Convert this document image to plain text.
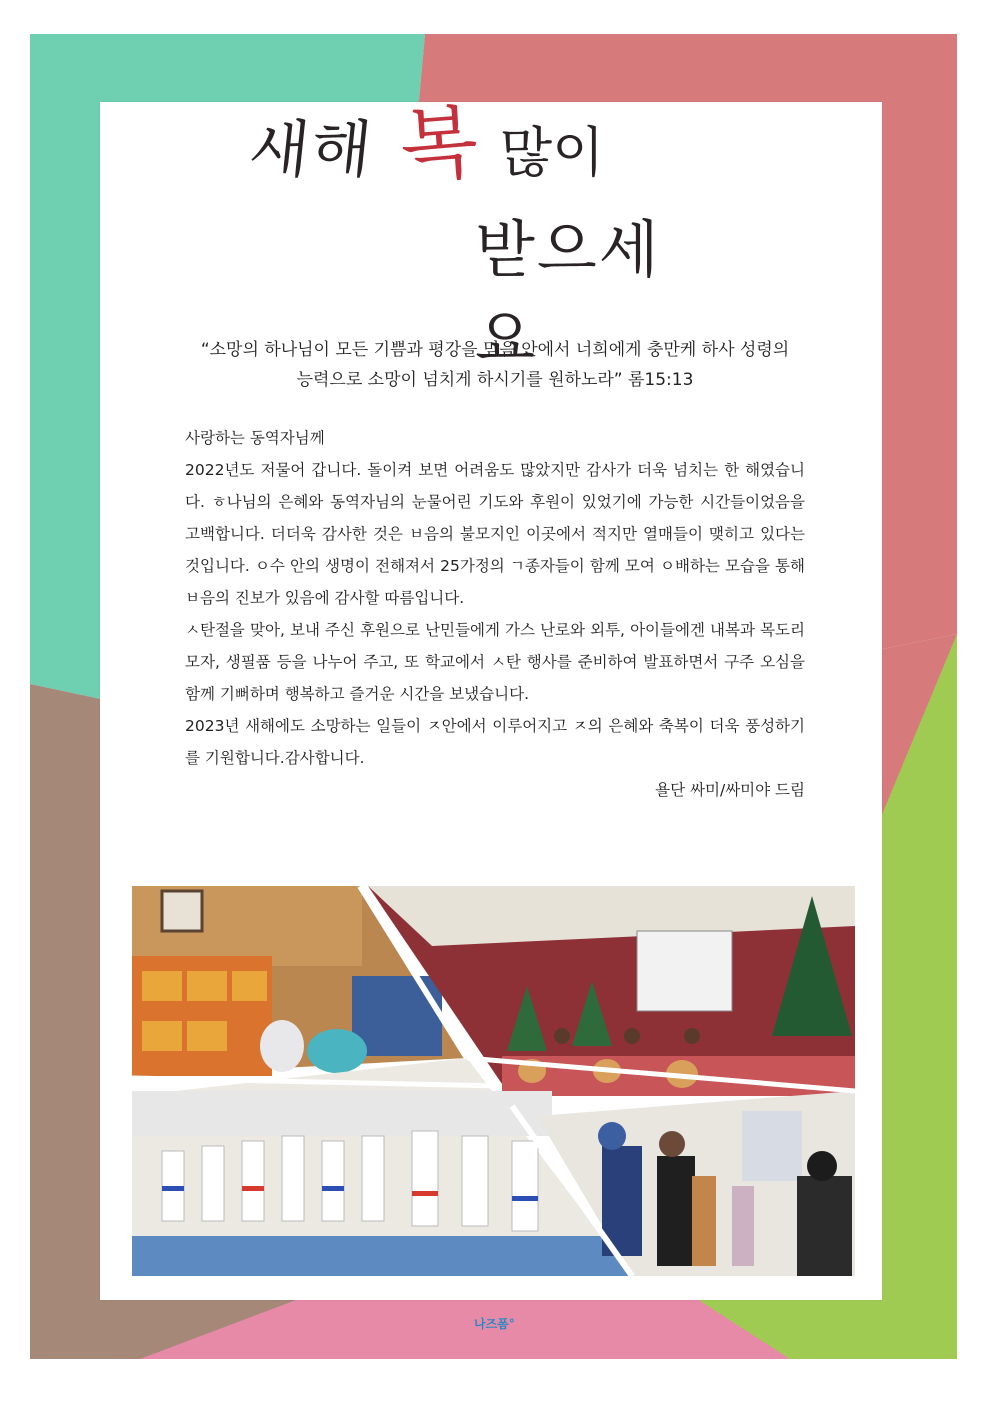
새해 복 많이
받으세요
“소망의 하나님이 모든 기쁨과 평강을 믿음 안에서 너희에게 충만케 하사 성령의
능력으로 소망이 넘치게 하시기를 원하노라” 롬15:13

사랑하는 동역자님께

2022년도 저물어 갑니다. 돌이켜 보면 어려움도 많았지만 감사가 더욱 넘치는 한 해였습니다. ㅎ나님의 은혜와 동역자님의 눈물어린 기도와 후원이 있었기에 가능한 시간들이었음을 고백합니다. 더더욱 감사한 것은 ㅂ음의 불모지인 이곳에서 적지만 열매들이 맺히고 있다는 것입니다. ㅇ수 안의 생명이 전해져서 25가정의 ㄱ종자들이 함께 모여 ㅇ배하는 모습을 통해 ㅂ음의 진보가 있음에 감사할 따름입니다.

ㅅ탄절을 맞아, 보내 주신 후원으로 난민들에게 가스 난로와 외투, 아이들에겐 내복과 목도리 모자, 생필품 등을 나누어 주고, 또 학교에서 ㅅ탄 행사를 준비하여 발표하면서 구주 오심을 함께 기뻐하며 행복하고 즐거운 시간을 보냈습니다.

2023년 새해에도 소망하는 일들이 ㅈ안에서 이루어지고 ㅈ의 은혜와 축복이 더욱 풍성하기를 기원합니다.감사합니다.

욜단 싸미/싸미야 드림

나즈폼°
